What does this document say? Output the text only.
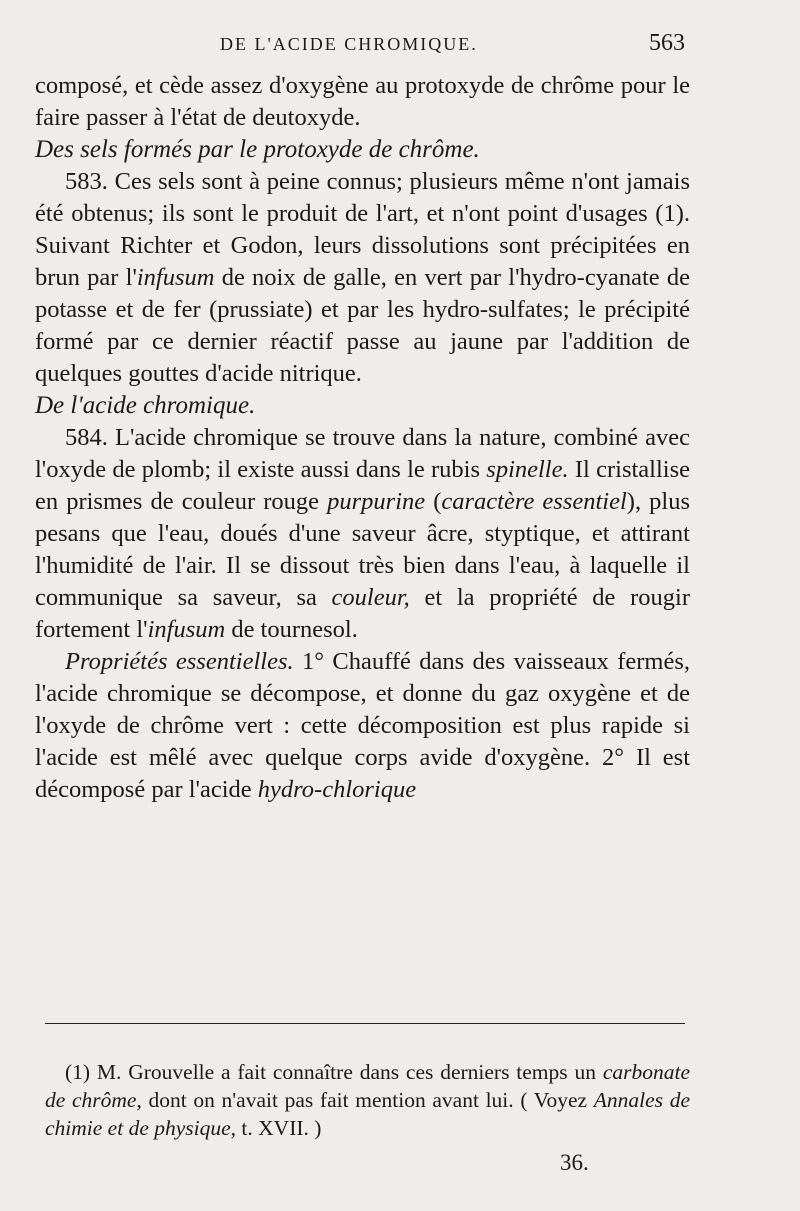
DE L'ACIDE CHROMIQUE.	563

composé, et cède assez d'oxygène au protoxyde de chrôme pour le faire passer à l'état de deutoxyde.

Des sels formés par le protoxyde de chrôme.

583. Ces sels sont à peine connus; plusieurs même n'ont jamais été obtenus; ils sont le produit de l'art, et n'ont point d'usages (1). Suivant Richter et Godon, leurs dissolutions sont précipitées en brun par l'infusum de noix de galle, en vert par l'hydro-cyanate de potasse et de fer (prussiate) et par les hydro-sulfates; le précipité formé par ce dernier réactif passe au jaune par l'addition de quelques gouttes d'acide nitrique.

De l'acide chromique.

584. L'acide chromique se trouve dans la nature, combiné avec l'oxyde de plomb; il existe aussi dans le rubis spinelle. Il cristallise en prismes de couleur rouge purpurine (caractère essentiel), plus pesans que l'eau, doués d'une saveur âcre, styptique, et attirant l'humidité de l'air. Il se dissout très bien dans l'eau, à laquelle il communique sa saveur, sa couleur, et la propriété de rougir fortement l'infusum de tournesol.

Propriétés essentielles. 1° Chauffé dans des vaisseaux fermés, l'acide chromique se décompose, et donne du gaz oxygène et de l'oxyde de chrôme vert : cette décomposition est plus rapide si l'acide est mêlé avec quelque corps avide d'oxygène. 2° Il est décomposé par l'acide hydro-chlorique

(1) M. Grouvelle a fait connaître dans ces derniers temps un carbonate de chrôme, dont on n'avait pas fait mention avant lui. ( Voyez Annales de chimie et de physique, t. XVII. )

36.
